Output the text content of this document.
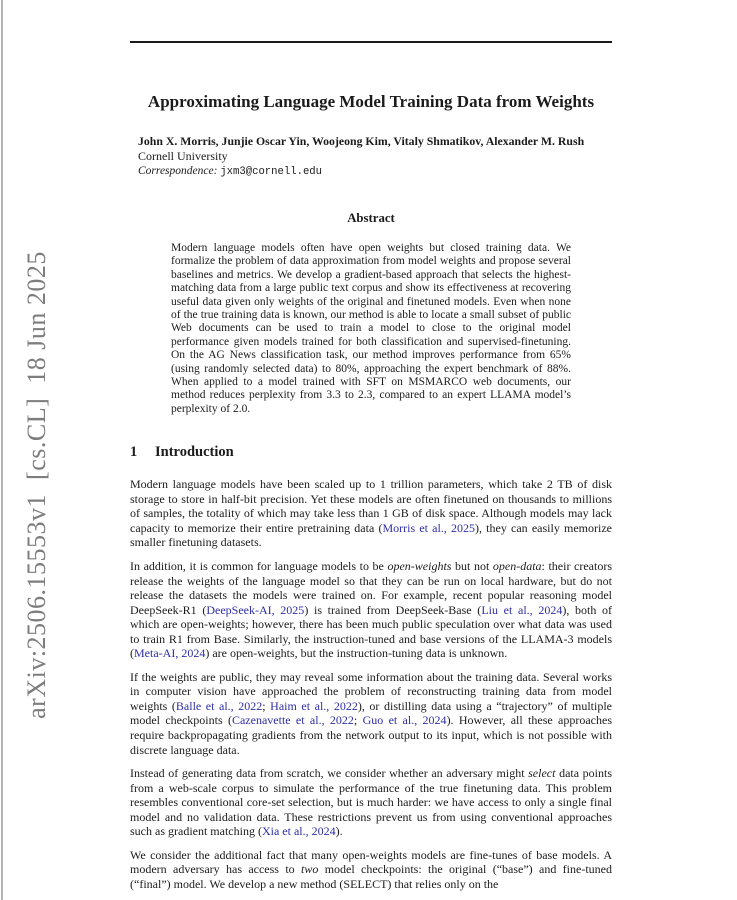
arXiv:2506.15553v1  [cs.CL]  18 Jun 2025
Approximating Language Model Training Data from Weights
John X. Morris, Junjie Oscar Yin, Woojeong Kim, Vitaly Shmatikov, Alexander M. Rush
Cornell University
Correspondence: jxm3@cornell.edu
Abstract
Modern language models often have open weights but closed training data. We formalize the problem of data approximation from model weights and propose several baselines and metrics. We develop a gradient-based approach that selects the highest-matching data from a large public text corpus and show its effectiveness at recovering useful data given only weights of the original and finetuned models. Even when none of the true training data is known, our method is able to locate a small subset of public Web documents can be used to train a model to close to the original model performance given models trained for both classification and supervised-finetuning. On the AG News classification task, our method improves performance from 65% (using randomly selected data) to 80%, approaching the expert benchmark of 88%. When applied to a model trained with SFT on MSMARCO web documents, our method reduces perplexity from 3.3 to 2.3, compared to an expert LLAMA model’s perplexity of 2.0.
1 Introduction

Modern language models have been scaled up to 1 trillion parameters, which take 2 TB of disk storage to store in half-bit precision. Yet these models are often finetuned on thousands to millions of samples, the totality of which may take less than 1 GB of disk space. Although models may lack capacity to memorize their entire pretraining data (Morris et al., 2025), they can easily memorize smaller finetuning datasets.

In addition, it is common for language models to be open-weights but not open-data: their creators release the weights of the language model so that they can be run on local hardware, but do not release the datasets the models were trained on. For example, recent popular reasoning model DeepSeek-R1 (DeepSeek-AI, 2025) is trained from DeepSeek-Base (Liu et al., 2024), both of which are open-weights; however, there has been much public speculation over what data was used to train R1 from Base. Similarly, the instruction-tuned and base versions of the LLAMA-3 models (Meta-AI, 2024) are open-weights, but the instruction-tuning data is unknown.

If the weights are public, they may reveal some information about the training data. Several works in computer vision have approached the problem of reconstructing training data from model weights (Balle et al., 2022; Haim et al., 2022), or distilling data using a “trajectory” of multiple model checkpoints (Cazenavette et al., 2022; Guo et al., 2024). However, all these approaches require backpropagating gradients from the network output to its input, which is not possible with discrete language data.

Instead of generating data from scratch, we consider whether an adversary might select data points from a web-scale corpus to simulate the performance of the true finetuning data. This problem resembles conventional core-set selection, but is much harder: we have access to only a single final model and no validation data. These restrictions prevent us from using conventional approaches such as gradient matching (Xia et al., 2024).

We consider the additional fact that many open-weights models are fine-tunes of base models. A modern adversary has access to two model checkpoints: the original (“base”) and fine-tuned (“final”) model. We develop a new method (SELECT) that relies only on the
